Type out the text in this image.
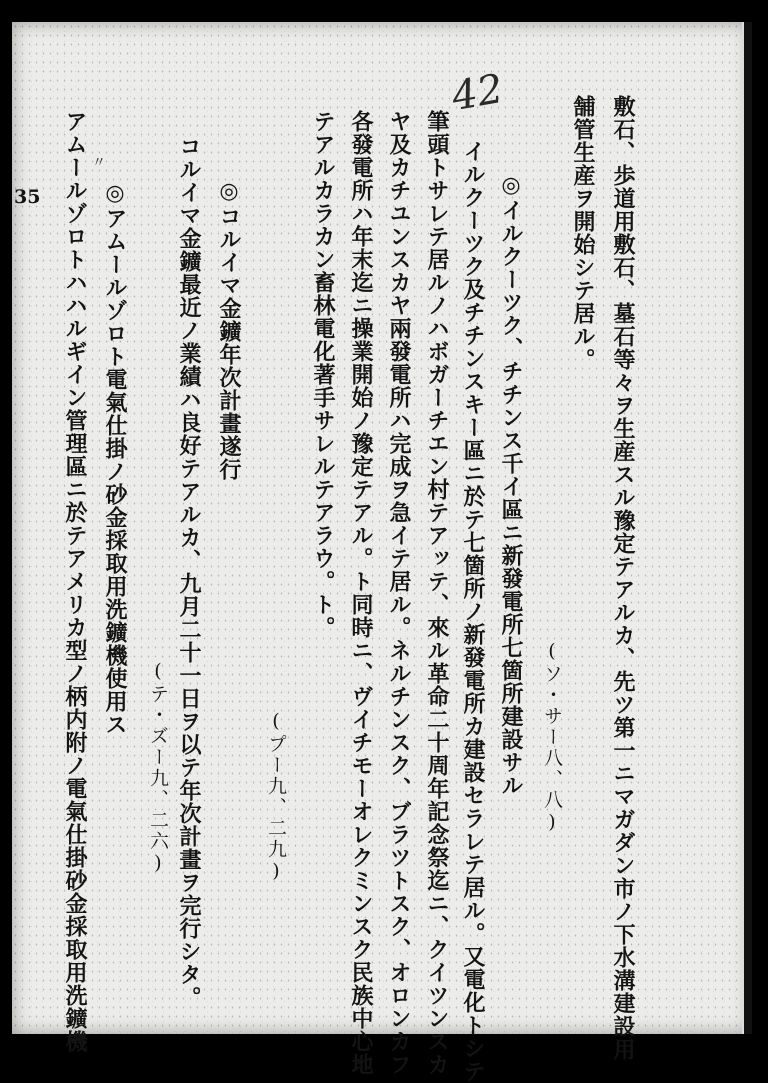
42
35
〃	敷石、歩道用敷石、墓石等々ヲ生産スル豫定テアルカ、先ツ第一ニマガダン市ノ下水溝建設用
舗管生産ヲ開始シテ居ル。
(ソ・サー八、八)
◎イルクーツク、チチンス千イ區ニ新發電所七箇所建設サル
イルクーツク及チチンスキー區ニ於テ七箇所ノ新發電所カ建設セラレテ居ル。又電化トシテ
筆頭トサレテ居ルノハボガーチエン村テアッテ、來ル革命二十周年記念祭迄ニ、クイツンスカ
ヤ及カチユンスカヤ兩發電所ハ完成ヲ急イテ居ル。ネルチンスク、ブラツトスク、オロンカフ
各發電所ハ年末迄ニ操業開始ノ豫定テアル。ト同時ニ、ヴイチモーオレクミンスク民族中心地
テアルカラカン畜林電化著手サレルテアラウ。ト。
(プー九、二九)
◎コルイマ金鑛年次計畫遂行
コルイマ金鑛最近ノ業績ハ良好テアルカ、九月二十一日ヲ以テ年次計畫ヲ完行シタ。
(テ・ズー九、二六)
◎アムールゾロト電氣仕掛ノ砂金採取用洗鑛機使用ス
アムールゾロトハハルギイン管理區ニ於テアメリカ型ノ柄内附ノ電氣仕掛砂金採取用洗鑛機
